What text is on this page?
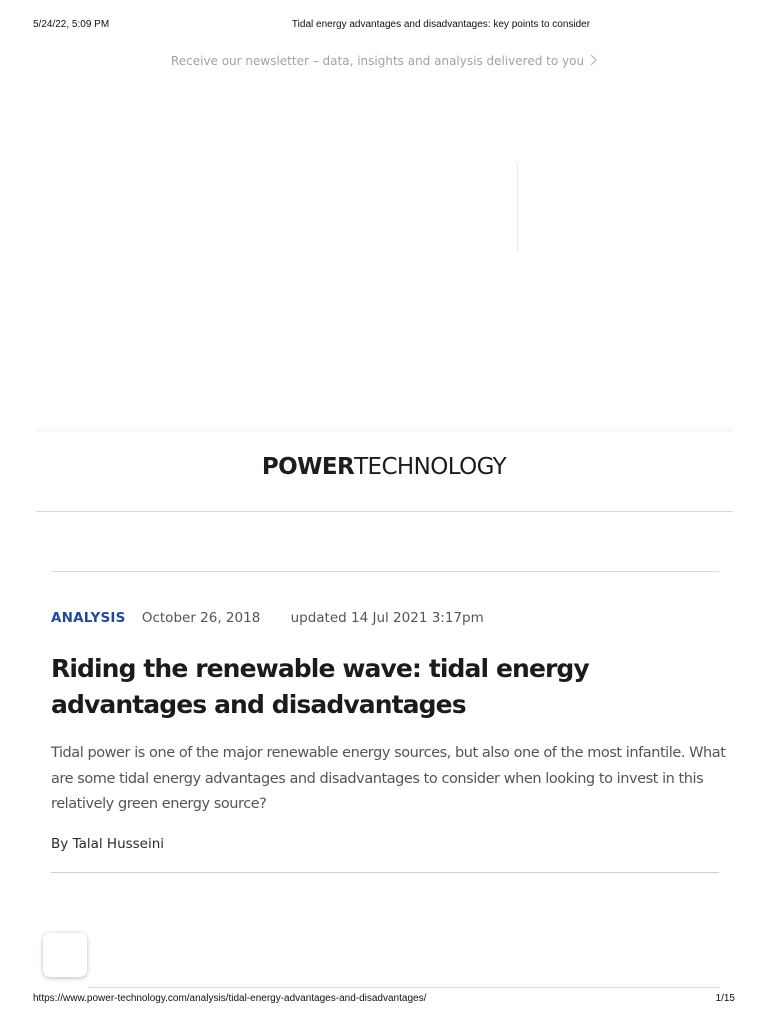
5/24/22, 5:09 PM	Tidal energy advantages and disadvantages: key points to consider
Receive our newsletter – data, insights and analysis delivered to you
POWERTECHNOLOGY
ANALYSIS October 26, 2018 updated 14 Jul 2021 3:17pm
Riding the renewable wave: tidal energy advantages and disadvantages

Tidal power is one of the major renewable energy sources, but also one of the most infantile. What are some tidal energy advantages and disadvantages to consider when looking to invest in this relatively green energy source?

By Talal Husseini
https://www.power-technology.com/analysis/tidal-energy-advantages-and-disadvantages/	1/15
